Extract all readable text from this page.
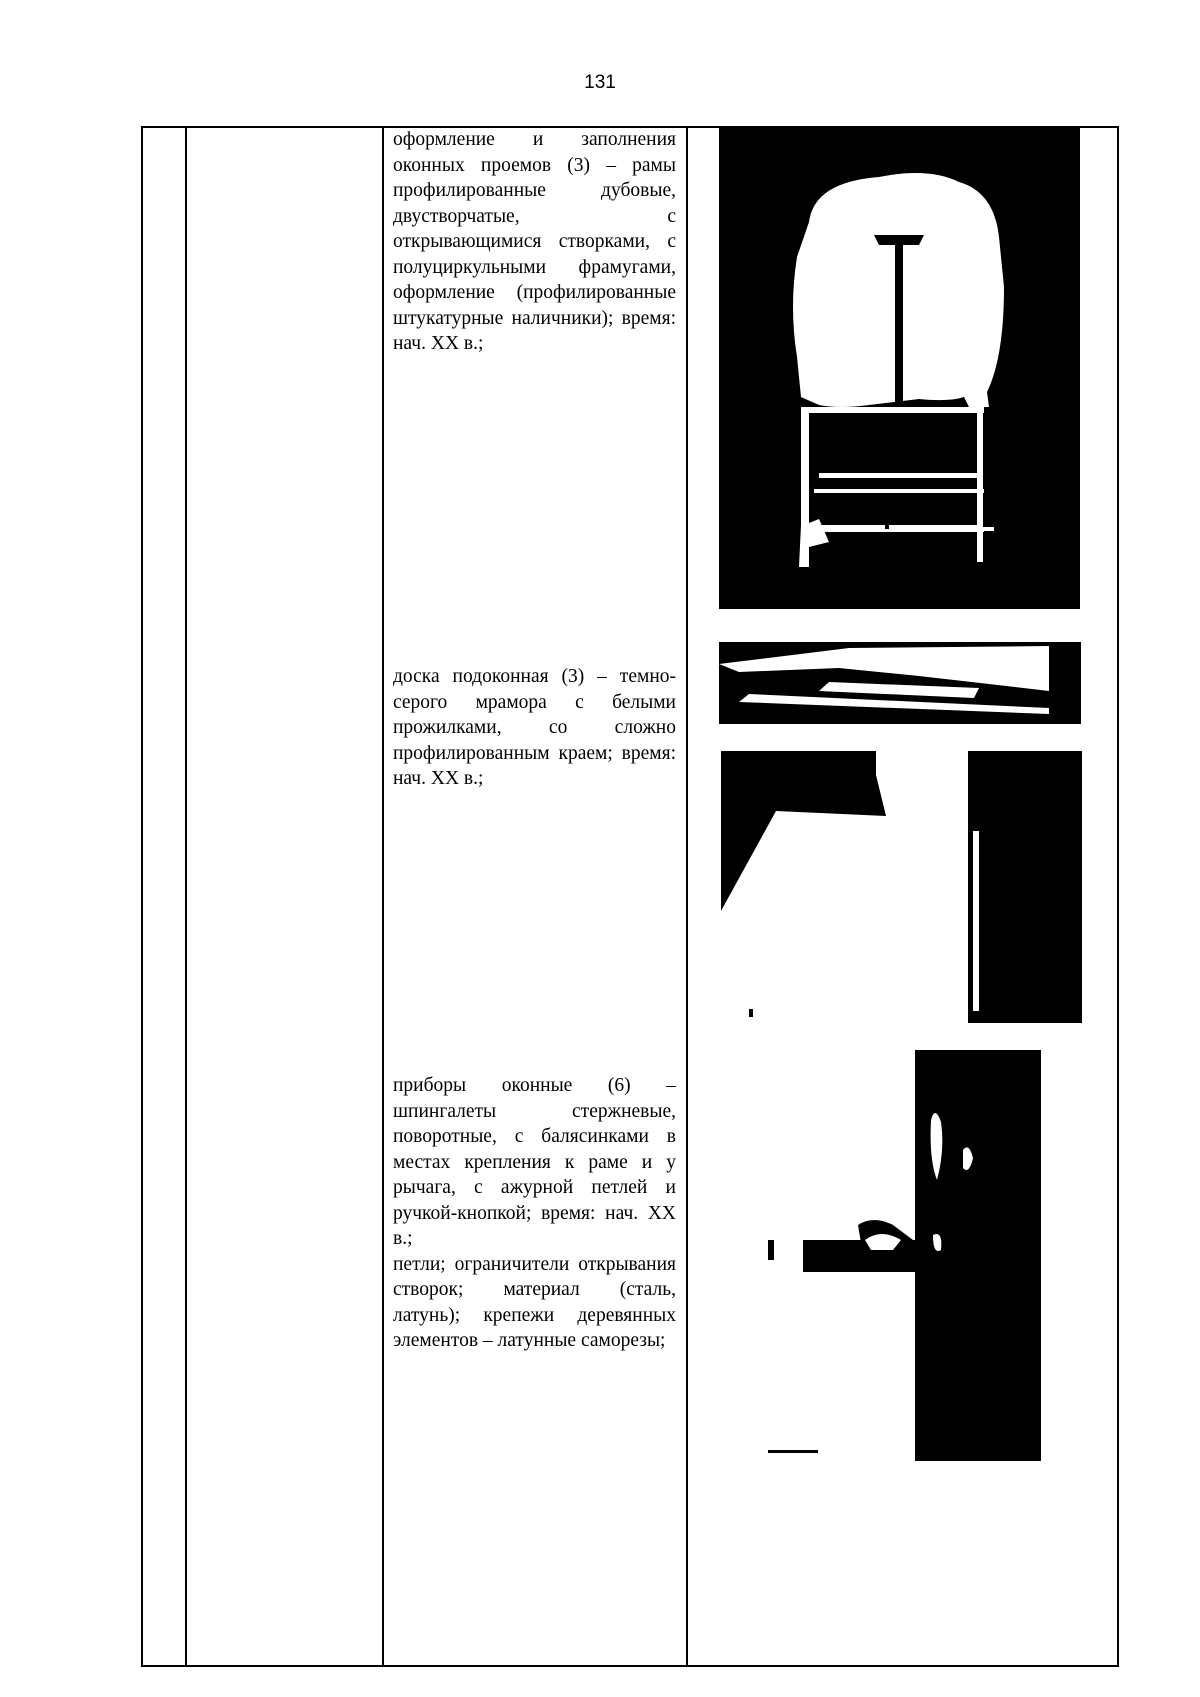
131
оформление и заполнения оконных проемов (3) – рамы профилированные дубовые, двустворчатые, с открывающимися створками, с полуциркульными фрамугами, оформление (профилированные штукатурные наличники); время: нач. XX в.;
доска подоконная (3) – темно-серого мрамора с белыми прожилками, со сложно профилированным краем; время: нач. XX в.;
приборы оконные (6) – шпингалеты стержневые, поворотные, с балясинками в местах крепления к раме и у рычага, с ажурной петлей и ручкой-кнопкой; время: нач. XX в.;
петли; ограничители открывания створок; материал (сталь, латунь); крепежи деревянных элементов – латунные саморезы;
